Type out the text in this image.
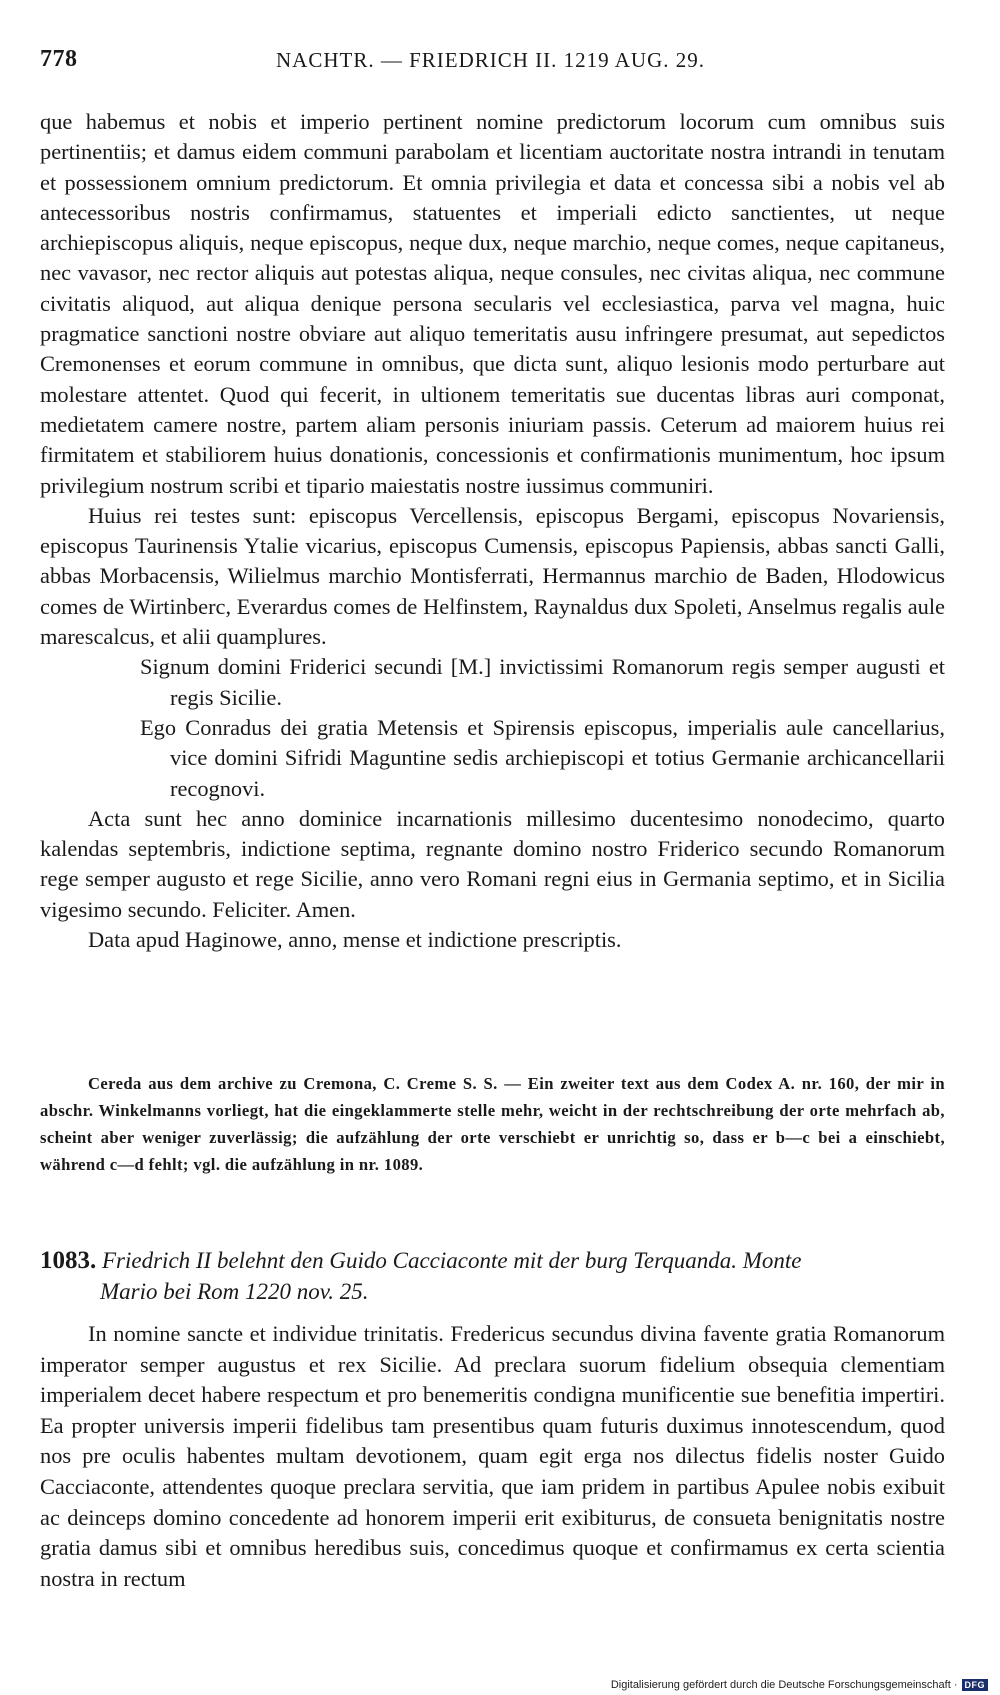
778	NACHTR. — FRIEDRICH II. 1219 AUG. 29.

que habemus et nobis et imperio pertinent nomine predictorum locorum cum omnibus suis pertinentiis; et damus eidem communi parabolam et licentiam auctoritate nostra intrandi in tenutam et possessionem omnium predictorum. Et omnia privilegia et data et concessa sibi a nobis vel ab antecessoribus nostris confirmamus, statuentes et imperiali edicto sanctientes, ut neque archiepiscopus aliquis, neque episcopus, neque dux, neque marchio, neque comes, neque capitaneus, nec vavasor, nec rector aliquis aut potestas aliqua, neque consules, nec civitas aliqua, nec commune civitatis aliquod, aut aliqua denique persona secularis vel ecclesiastica, parva vel magna, huic pragmatice sanctioni nostre obviare aut aliquo temeritatis ausu infringere presumat, aut sepedictos Cremonenses et eorum commune in omnibus, que dicta sunt, aliquo lesionis modo perturbare aut molestare attentet. Quod qui fecerit, in ultionem temeritatis sue ducentas libras auri componat, medietatem camere nostre, partem aliam personis iniuriam passis. Ceterum ad maiorem huius rei firmitatem et stabiliorem huius donationis, concessionis et confirmationis munimentum, hoc ipsum privilegium nostrum scribi et tipario maiestatis nostre iussimus communiri.

Huius rei testes sunt: episcopus Vercellensis, episcopus Bergami, episcopus Novariensis, episcopus Taurinensis Ytalie vicarius, episcopus Cumensis, episcopus Papiensis, abbas sancti Galli, abbas Morbacensis, Wilielmus marchio Montisferrati, Hermannus marchio de Baden, Hlodowicus comes de Wirtinberc, Everardus comes de Helfinstem, Raynaldus dux Spoleti, Anselmus regalis aule marescalcus, et alii quamplures.

Signum domini Friderici secundi [M.] invictissimi Romanorum regis semper augusti et regis Sicilie.

Ego Conradus dei gratia Metensis et Spirensis episcopus, imperialis aule cancellarius, vice domini Sifridi Maguntine sedis archiepiscopi et totius Germanie archicancellarii recognovi.

Acta sunt hec anno dominice incarnationis millesimo ducentesimo nonodecimo, quarto kalendas septembris, indictione septima, regnante domino nostro Friderico secundo Romanorum rege semper augusto et rege Sicilie, anno vero Romani regni eius in Germania septimo, et in Sicilia vigesimo secundo. Feliciter. Amen.

Data apud Haginowe, anno, mense et indictione prescriptis.

Cereda aus dem archive zu Cremona, C. Creme S. S. — Ein zweiter text aus dem Codex A. nr. 160, der mir in abschr. Winkelmanns vorliegt, hat die eingeklammerte stelle mehr, weicht in der rechtschreibung der orte mehrfach ab, scheint aber weniger zuverlässig; die aufzählung der orte verschiebt er unrichtig so, dass er b—c bei a einschiebt, während c—d fehlt; vgl. die aufzählung in nr. 1089.

1083. Friedrich II belehnt den Guido Cacciaconte mit der burg Terquanda. Monte
Mario bei Rom 1220 nov. 25.

In nomine sancte et individue trinitatis. Fredericus secundus divina favente gratia Romanorum imperator semper augustus et rex Sicilie. Ad preclara suorum fidelium obsequia clementiam imperialem decet habere respectum et pro benemeritis condigna munificentie sue benefitia impertiri. Ea propter universis imperii fidelibus tam presentibus quam futuris duximus innotescendum, quod nos pre oculis habentes multam devotionem, quam egit erga nos dilectus fidelis noster Guido Cacciaconte, attendentes quoque preclara servitia, que iam pridem in partibus Apulee nobis exibuit ac deinceps domino concedente ad honorem imperii erit exibiturus, de consueta benignitatis nostre gratia damus sibi et omnibus heredibus suis, concedimus quoque et confirmamus ex certa scientia nostra in rectum

Digitalisierung gefördert durch die Deutsche Forschungsgemeinschaft · DFG
